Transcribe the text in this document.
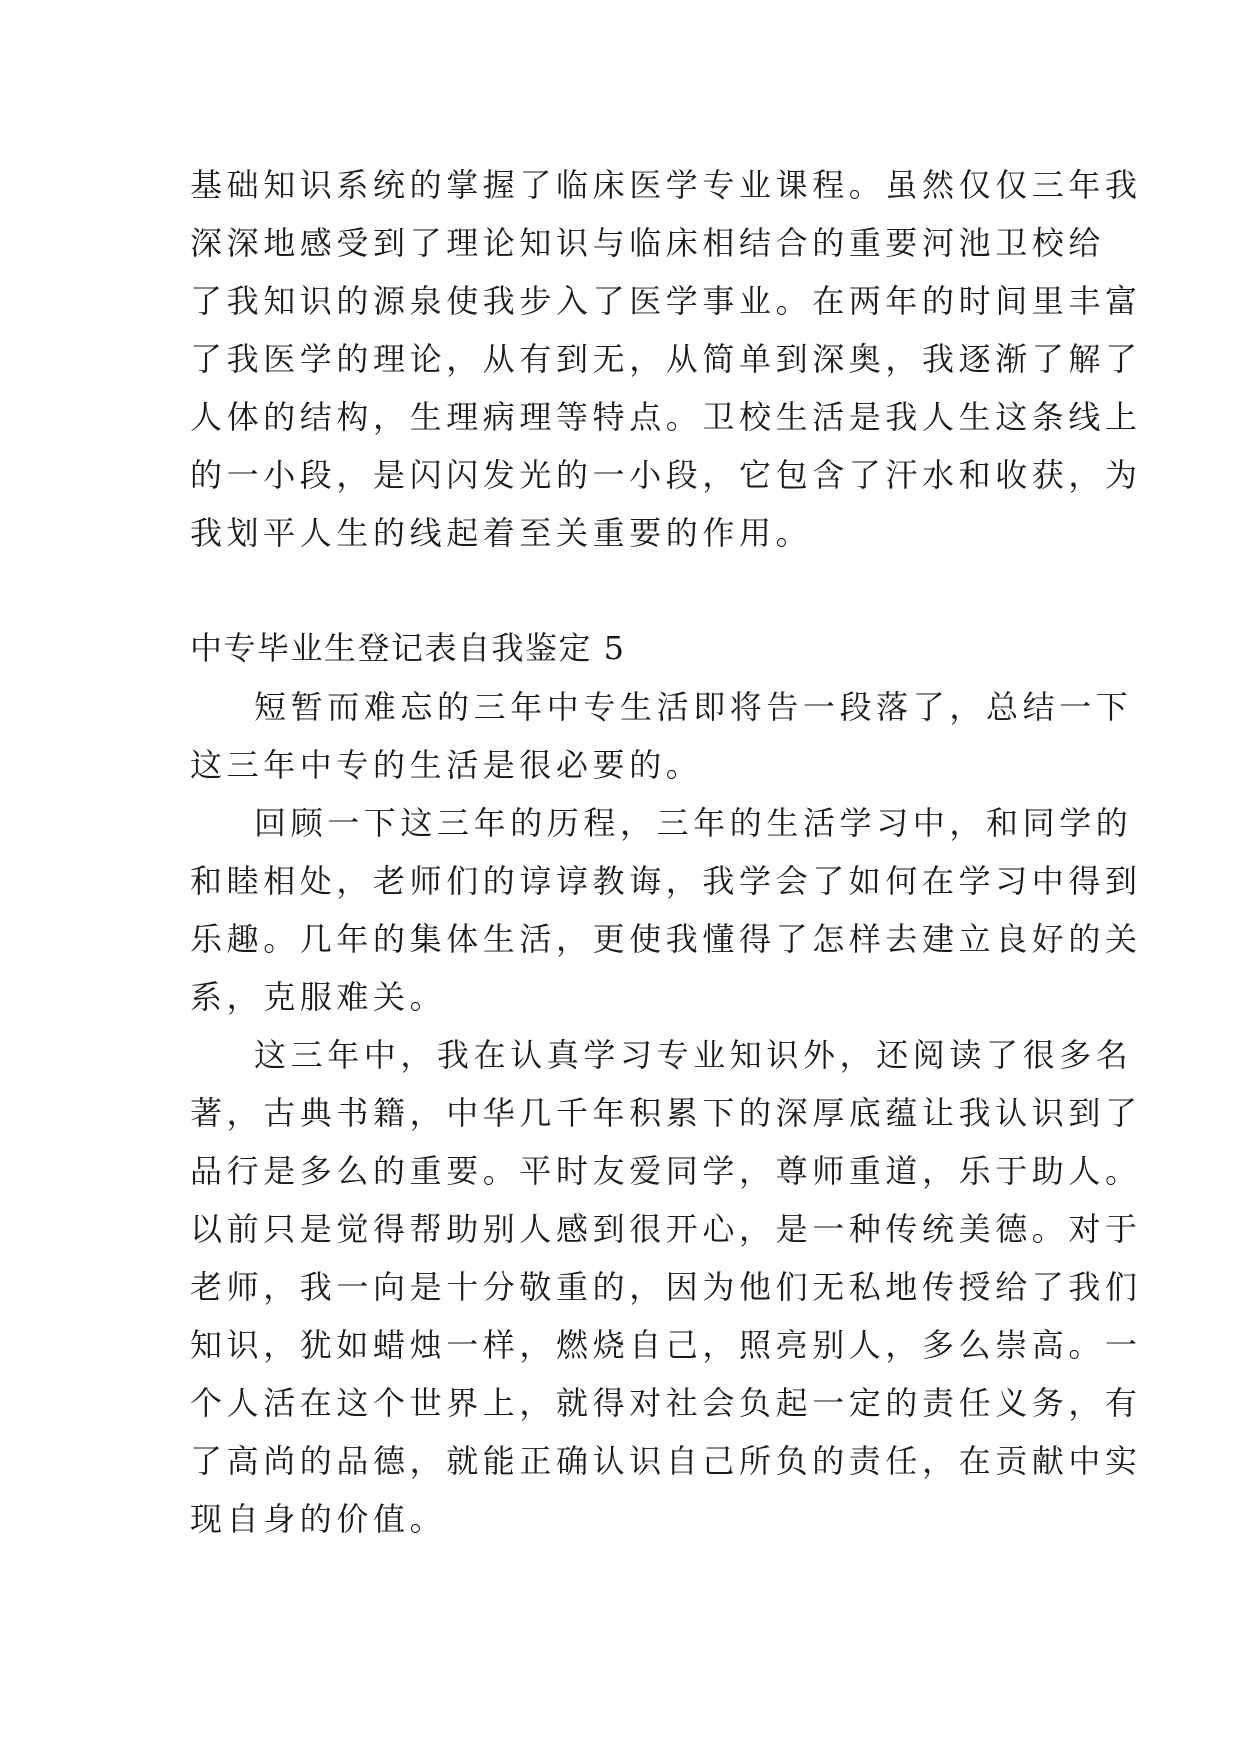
基础知识系统的掌握了临床医学专业课程。虽然仅仅三年我

深深地感受到了理论知识与临床相结合的重要河池卫校给

了我知识的源泉使我步入了医学事业。在两年的时间里丰富

了我医学的理论，从有到无，从简单到深奥，我逐渐了解了

人体的结构，生理病理等特点。卫校生活是我人生这条线上

的一小段，是闪闪发光的一小段，它包含了汗水和收获，为

我划平人生的线起着至关重要的作用。

中专毕业生登记表自我鉴定 5

短暂而难忘的三年中专生活即将告一段落了，总结一下

这三年中专的生活是很必要的。

回顾一下这三年的历程，三年的生活学习中，和同学的

和睦相处，老师们的谆谆教诲，我学会了如何在学习中得到

乐趣。几年的集体生活，更使我懂得了怎样去建立良好的关

系，克服难关。

这三年中，我在认真学习专业知识外，还阅读了很多名

著，古典书籍，中华几千年积累下的深厚底蕴让我认识到了

品行是多么的重要。平时友爱同学，尊师重道，乐于助人。

以前只是觉得帮助别人感到很开心，是一种传统美德。对于

老师，我一向是十分敬重的，因为他们无私地传授给了我们

知识，犹如蜡烛一样，燃烧自己，照亮别人，多么崇高。一

个人活在这个世界上，就得对社会负起一定的责任义务，有

了高尚的品德，就能正确认识自己所负的责任，在贡献中实

现自身的价值。
